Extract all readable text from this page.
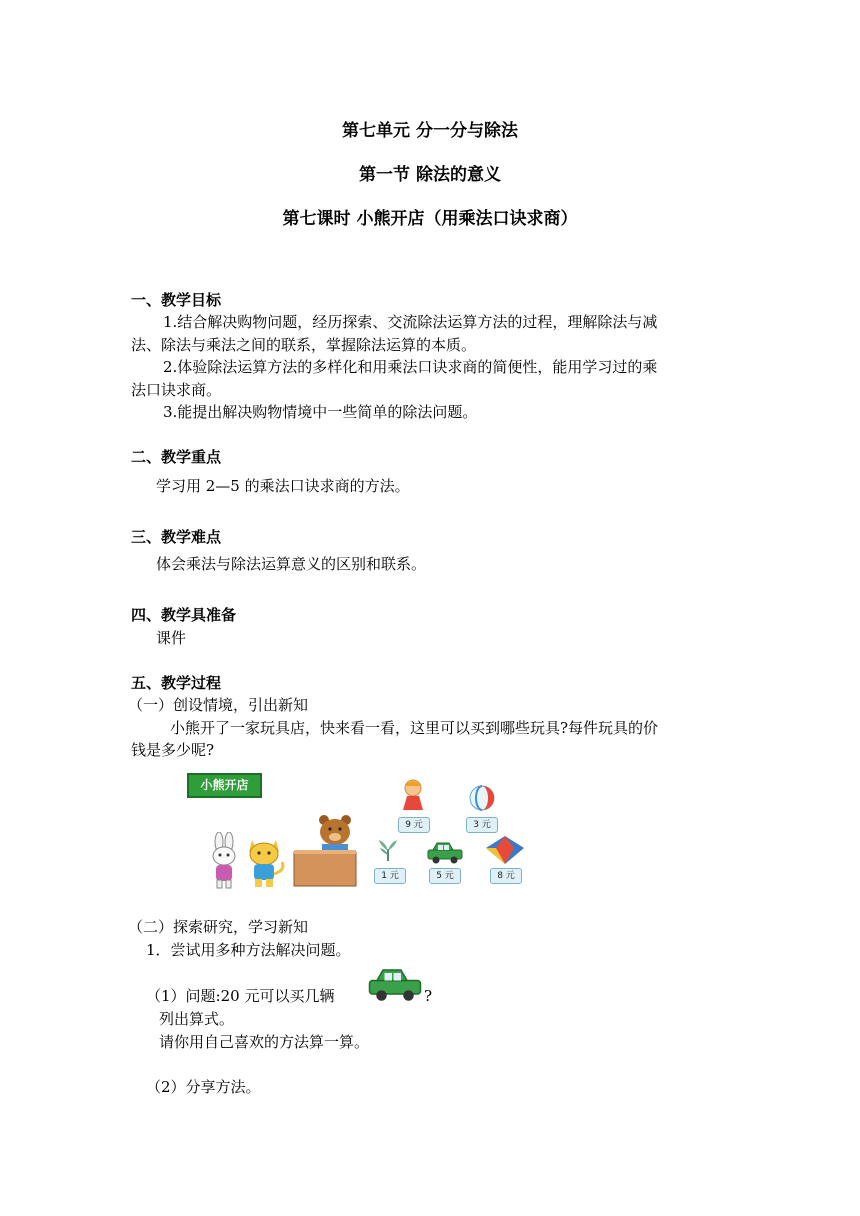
第七单元 分一分与除法
第一节 除法的意义
第七课时 小熊开店（用乘法口诀求商）
一、教学目标
1.结合解决购物问题，经历探索、交流除法运算方法的过程，理解除法与减
法、除法与乘法之间的联系，掌握除法运算的本质。
2.体验除法运算方法的多样化和用乘法口诀求商的简便性，能用学习过的乘
法口诀求商。
3.能提出解决购物情境中一些简单的除法问题。
二、教学重点
学习用 2—5 的乘法口诀求商的方法。
三、教学难点
体会乘法与除法运算意义的区别和联系。
四、教学具准备
课件
五、教学过程
（一）创设情境，引出新知
小熊开了一家玩具店，快来看一看，这里可以买到哪些玩具?每件玩具的价
钱是多少呢?
小熊开店
9 元	3 元
1 元	5 元	8 元
（二）探索研究，学习新知
1．尝试用多种方法解决问题。
（1）问题:20 元可以买几辆	?
列出算式。
请你用自己喜欢的方法算一算。
（2）分享方法。
